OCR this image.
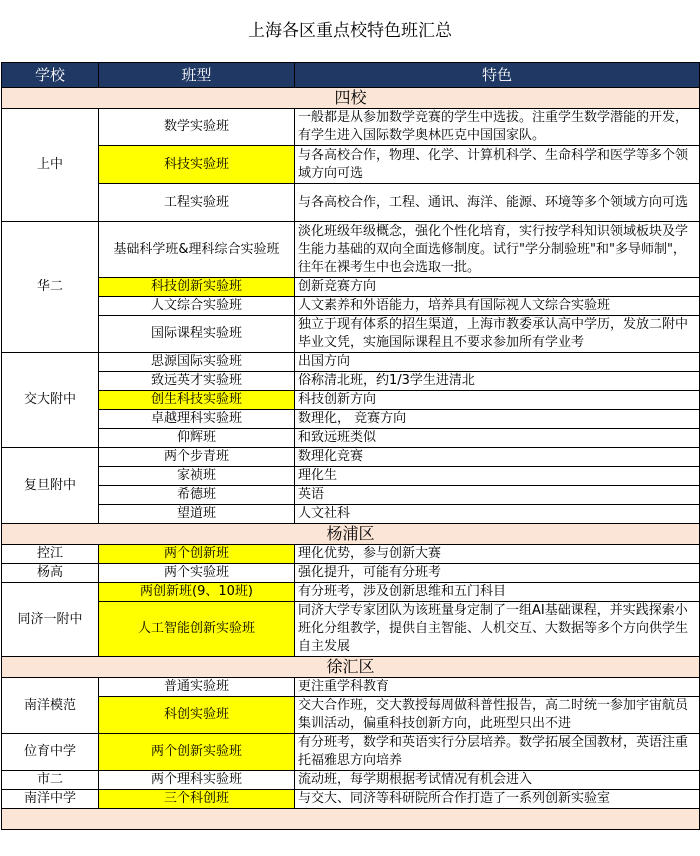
上海各区重点校特色班汇总
学校	班型	特色
四校		
上中	数学实验班	一般都是从参加数学竞赛的学生中选拔。注重学生数学潜能的开发，有学生进入国际数学奥林匹克中国国家队。
	科技实验班	与各高校合作，物理、化学、计算机科学、生命科学和医学等多个领域方向可选
	工程实验班	与各高校合作，工程、通讯、海洋、能源、环境等多个领域方向可选
华二	基础科学班&理科综合实验班	淡化班级年级概念，强化个性化培育，实行按学科知识领域板块及学生能力基础的双向全面选修制度。试行"学分制验班"和"多导师制"，往年在裸考生中也会选取一批。
	科技创新实验班	创新竞赛方向
	人文综合实验班	人文素养和外语能力，培养具有国际视人文综合实验班
	国际课程实验班	独立于现有体系的招生渠道，上海市教委承认高中学历，发放二附中毕业文凭，实施国际课程且不要求参加所有学业考
交大附中	思源国际实验班	出国方向
	致远英才实验班	俗称清北班，约1/3学生进清北
	创生科技实验班	科技创新方向
	卓越理科实验班	数理化， 竞赛方向
	仰辉班	和致远班类似
复旦附中	两个步青班	数理化竞赛
	家祯班	理化生
	希德班	英语
	望道班	人文社科
杨浦区		
控江	两个创新班	理化优势，参与创新大赛
杨高	两个实验班	强化提升，可能有分班考
同济一附中	两创新班(9、10班)	有分班考，涉及创新思维和五门科目
	人工智能创新实验班	同济大学专家团队为该班量身定制了一组AI基础课程，并实践探索小班化分组教学，提供自主智能、人机交互、大数据等多个方向供学生自主发展
徐汇区		
南洋模范	普通实验班	更注重学科教育
	科创实验班	交大合作班，交大教授每周做科普性报告，高二时统一参加宇宙航员集训活动，偏重科技创新方向，此班型只出不进
位育中学	两个创新实验班	有分班考，数学和英语实行分层培养。数学拓展全国教材，英语注重托福雅思方向培养
市二	两个理科实验班	流动班，每学期根据考试情况有机会进入
南洋中学	三个科创班	与交大、同济等科研院所合作打造了一系列创新实验室
